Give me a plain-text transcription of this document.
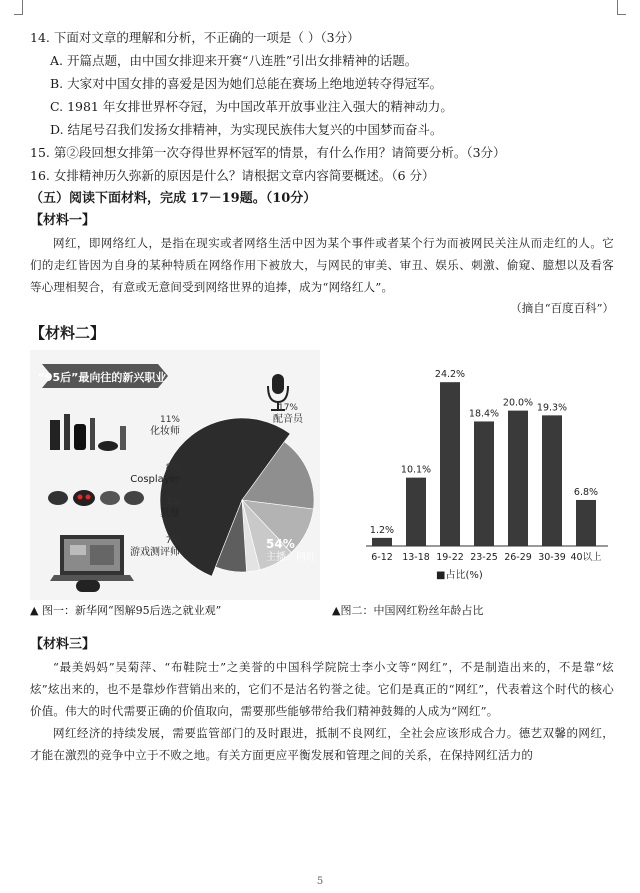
14. 下面对文章的理解和分析，不正确的一项是（ ）（3分）
A. 开篇点题，由中国女排迎来开赛“八连胜”引出女排精神的话题。
B. 大家对中国女排的喜爱是因为她们总能在赛场上绝地逆转夺得冠军。
C. 1981 年女排世界杯夺冠，为中国改革开放事业注入强大的精神动力。
D. 结尾号召我们发扬女排精神，为实现民族伟大复兴的中国梦而奋斗。
15. 第②段回想女排第一次夺得世界杯冠军的情景，有什么作用？请简要分析。（3分）
16. 女排精神历久弥新的原因是什么？请根据文章内容简要概述。（6 分）
（五）阅读下面材料，完成 17－19题。（10分）
【材料一】
网红，即网络红人，是指在现实或者网络生活中因为某个事件或者某个行为而被网民关注从而走红的人。它们的走红皆因为自身的某种特质在网络作用下被放大，与网民的审美、审丑、娱乐、刺激、偷窥、臆想以及看客等心理相契合，有意或无意间受到网络世界的追捧，成为“网络红人”。
（摘自“百度百科”）
【材料二】
“95后”最向往的新兴职业
54%
主播、网红
17%
配音员
11%
化妆师
8%
Cosplayer
3%
其他
7%
游戏测评师	6-12 13-18 19-22 23-25 26-29 30-39 40以上
1.2%
10.1%
24.2%
18.4%
20.0% 19.3%
6.8%
■占比(%)
▲ 图一：新华网“图解95后选之就业观”	▲图二：中国网红粉丝年龄占比
【材料三】
“最美妈妈”吴菊萍、“布鞋院士”之美誉的中国科学院院士李小文等“网红”，不是制造出来的，不是靠“炫炫”炫出来的，也不是靠炒作营销出来的，它们不是沽名钓誉之徒。它们是真正的“网红”，代表着这个时代的核心价值。伟大的时代需要正确的价值取向，需要那些能够带给我们精神鼓舞的人成为“网红”。
网红经济的持续发展，需要监管部门的及时跟进，抵制不良网红，全社会应该形成合力。德艺双馨的网红，才能在激烈的竞争中立于不败之地。有关方面更应平衡发展和管理之间的关系，在保持网红活力的
5
